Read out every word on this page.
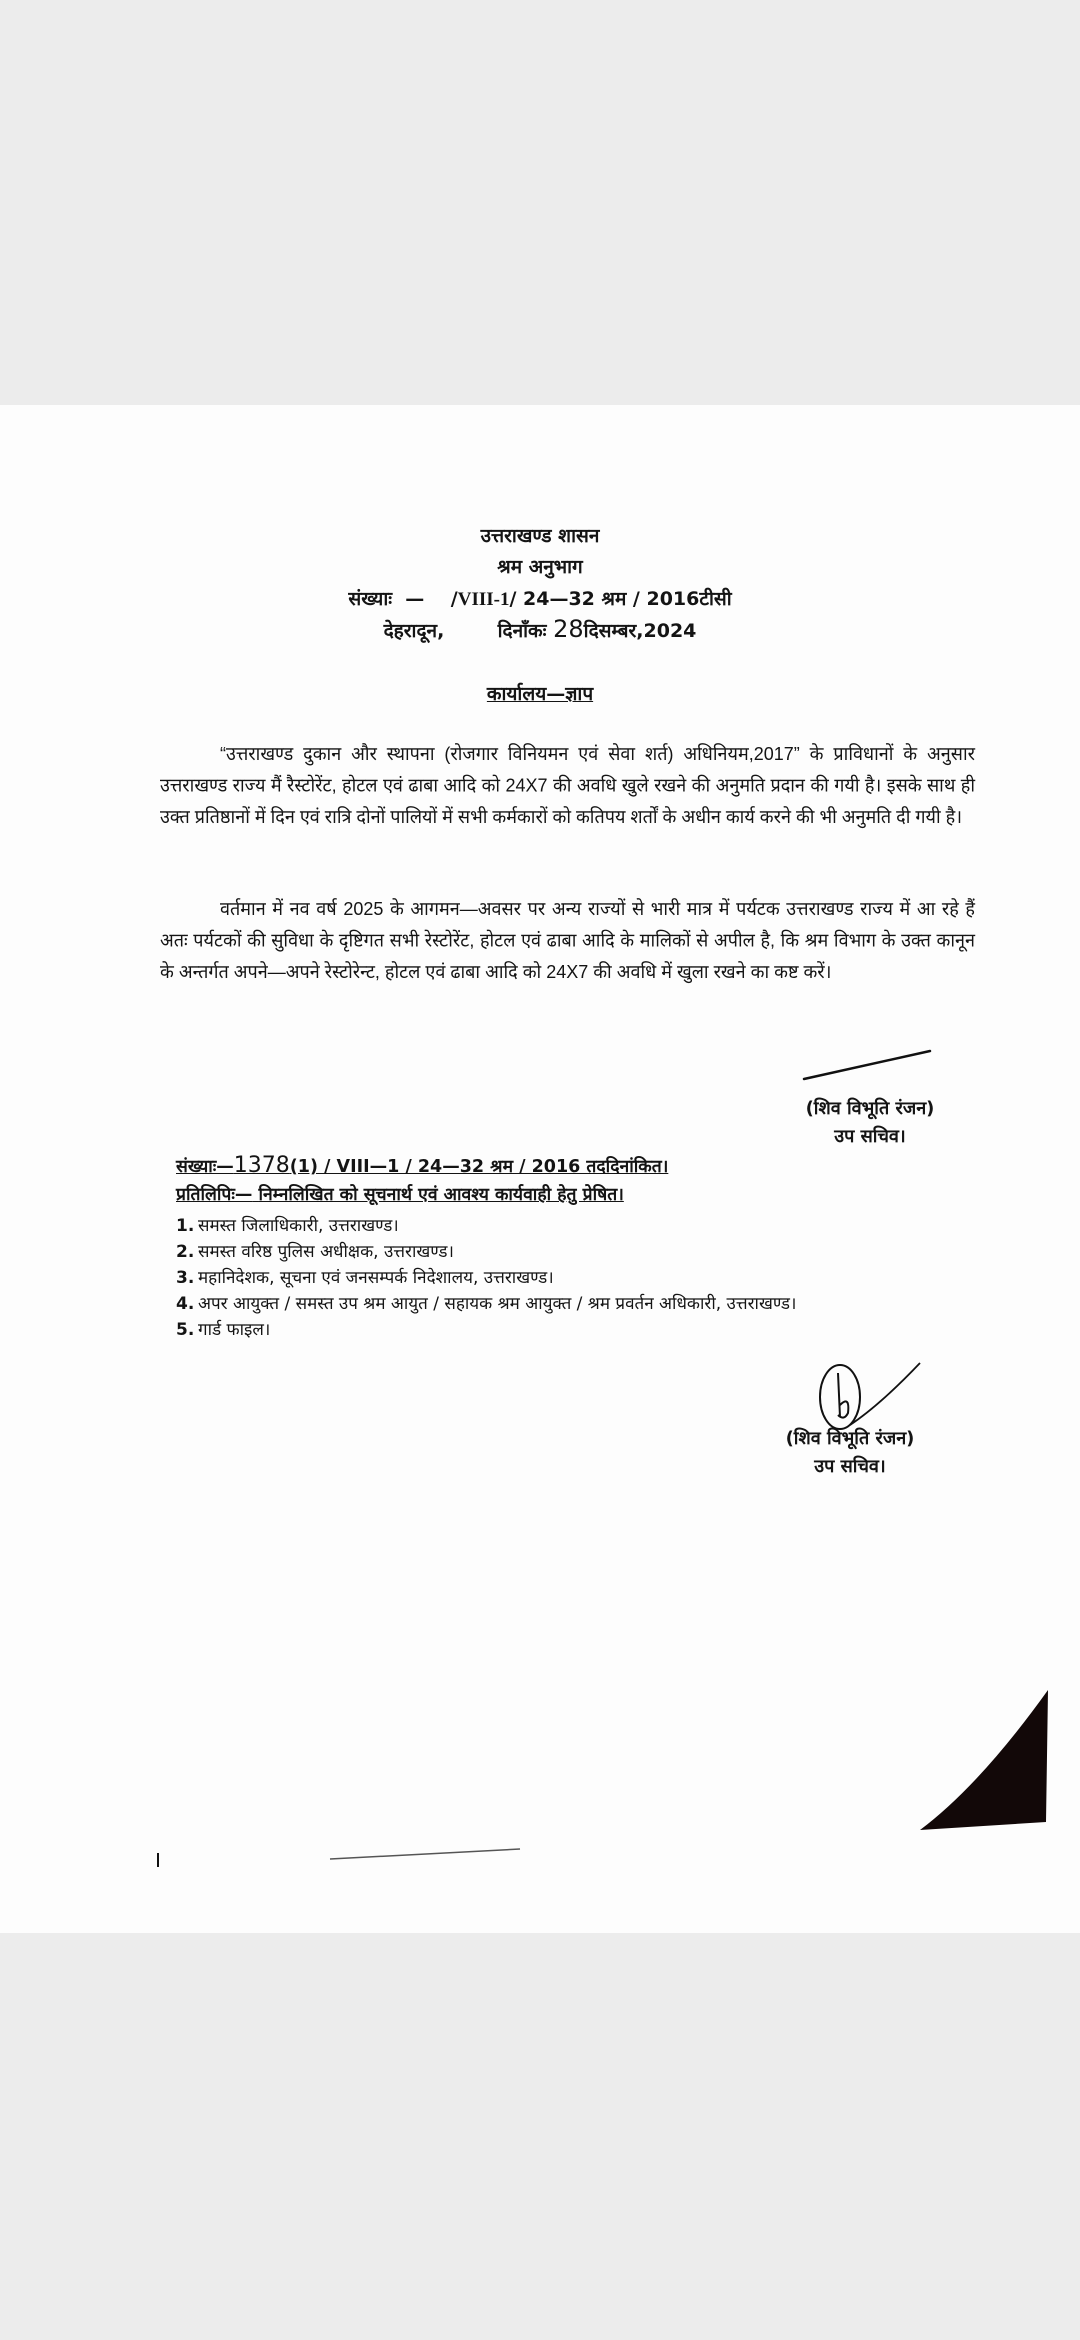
उत्तराखण्ड शासन
श्रम अनुभाग
संख्याः  —    /VIII-1/ 24—32 श्रम / 2016टीसी
देहरादून,	दिनाँकः 28दिसम्बर,2024
कार्यालय—ज्ञाप
“उत्तराखण्ड दुकान और स्थापना (रोजगार विनियमन एवं सेवा शर्त) अधिनियम,2017” के प्राविधानों के अनुसार उत्तराखण्ड राज्य मैं रैस्टोरेंट, होटल एवं ढाबा आदि को 24X7 की अवधि खुले रखने की अनुमति प्रदान की गयी है। इसके साथ ही उक्त प्रतिष्ठानों में दिन एवं रात्रि दोनों पालियों में सभी कर्मकारों को कतिपय शर्तों के अधीन कार्य करने की भी अनुमति दी गयी है।
वर्तमान में नव वर्ष 2025 के आगमन—अवसर पर अन्य राज्यों से भारी मात्र में पर्यटक उत्तराखण्ड राज्य में आ रहे हैं अतः पर्यटकों की सुविधा के दृष्टिगत सभी रेस्टोरेंट, होटल एवं ढाबा आदि के मालिकों से अपील है, कि श्रम विभाग के उक्त कानून के अन्तर्गत अपने—अपने रेस्टोरेन्ट, होटल एवं ढाबा आदि को 24X7 की अवधि में खुला रखने का कष्ट करें।
(शिव विभूति रंजन)
उप सचिव।
संख्याः—1378(1) / VIII—1 / 24—32 श्रम / 2016 तददिनांकित।
प्रतिलिपिः— निम्नलिखित को सूचनार्थ एवं आवश्य कार्यवाही हेतु प्रेषित।
1. समस्त जिलाधिकारी, उत्तराखण्ड।
2. समस्त वरिष्ठ पुलिस अधीक्षक, उत्तराखण्ड।
3. महानिदेशक, सूचना एवं जनसम्पर्क निदेशालय, उत्तराखण्ड।
4. अपर आयुक्त / समस्त उप श्रम आयुत / सहायक श्रम आयुक्त / श्रम प्रवर्तन अधिकारी, उत्तराखण्ड।
5. गार्ड फाइल।
(शिव विभूति रंजन)
उप सचिव।
